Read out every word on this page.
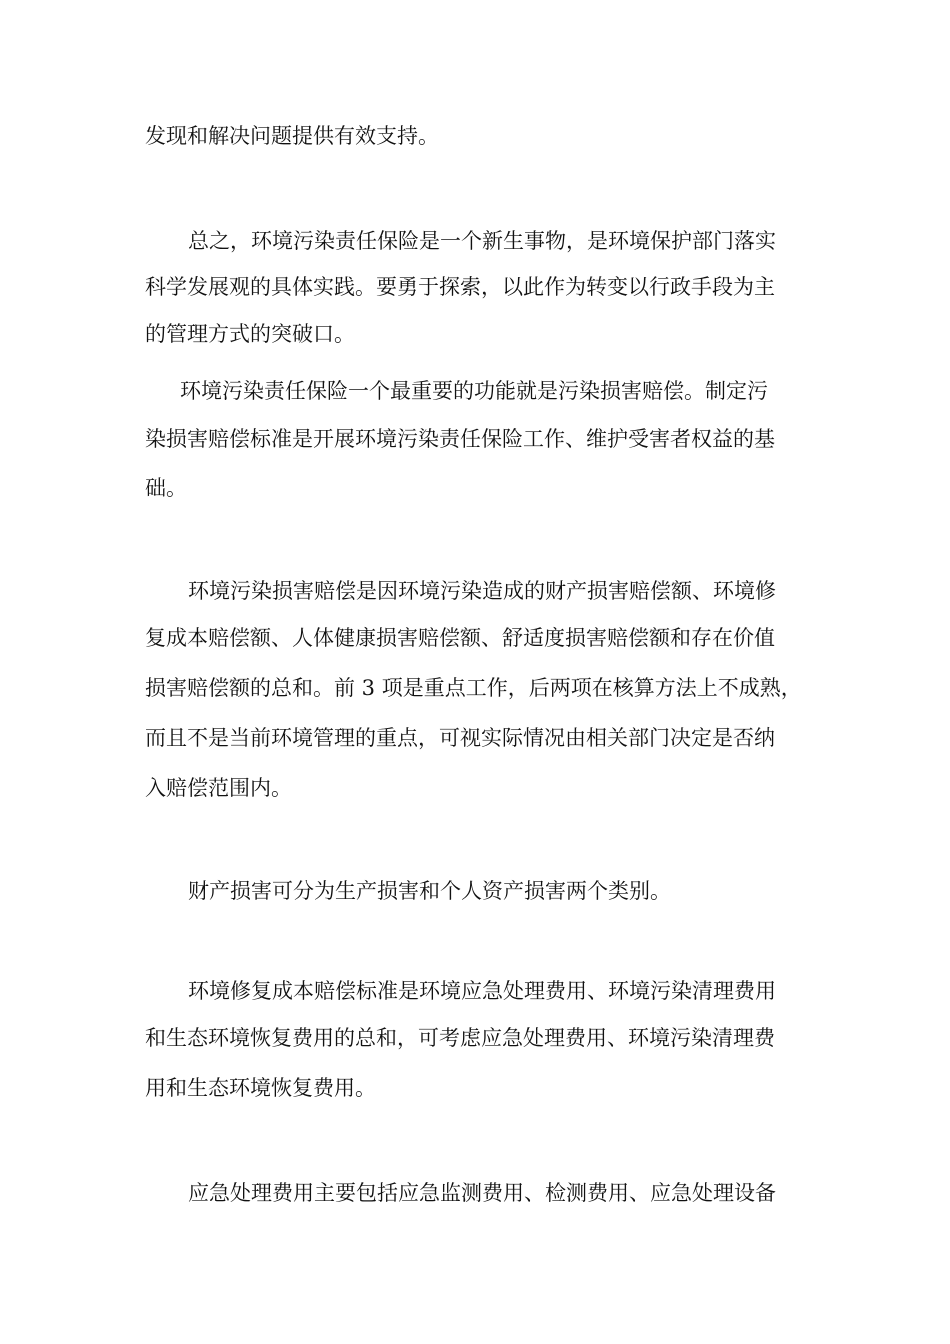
发现和解决问题提供有效支持。
总之，环境污染责任保险是一个新生事物，是环境保护部门落实
科学发展观的具体实践。要勇于探索，以此作为转变以行政手段为主
的管理方式的突破口。
环境污染责任保险一个最重要的功能就是污染损害赔偿。制定污
染损害赔偿标准是开展环境污染责任保险工作、维护受害者权益的基
础。
环境污染损害赔偿是因环境污染造成的财产损害赔偿额、环境修
复成本赔偿额、人体健康损害赔偿额、舒适度损害赔偿额和存在价值
损害赔偿额的总和。前 3 项是重点工作，后两项在核算方法上不成熟，
而且不是当前环境管理的重点，可视实际情况由相关部门决定是否纳
入赔偿范围内。
财产损害可分为生产损害和个人资产损害两个类别。
环境修复成本赔偿标准是环境应急处理费用、环境污染清理费用
和生态环境恢复费用的总和，可考虑应急处理费用、环境污染清理费
用和生态环境恢复费用。
应急处理费用主要包括应急监测费用、检测费用、应急处理设备
